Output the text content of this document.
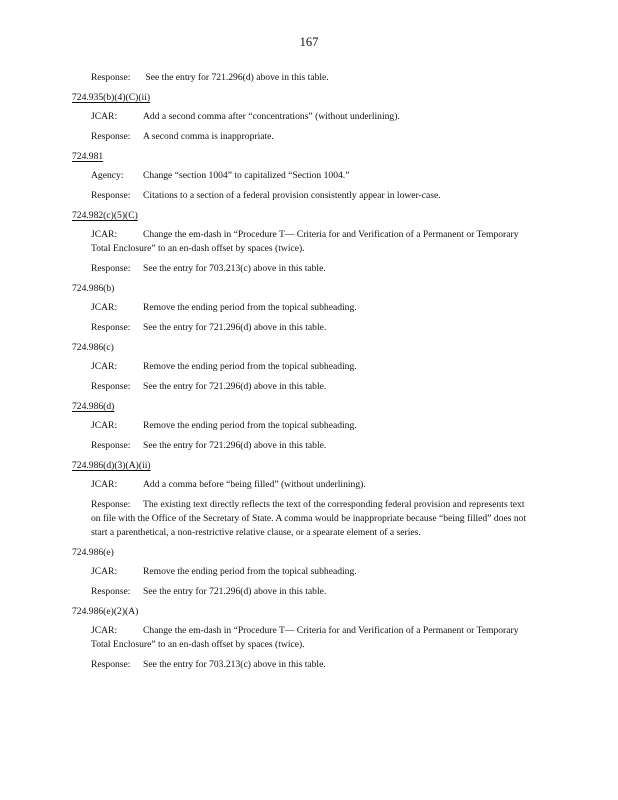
167
Response: See the entry for 721.296(d) above in this table.
724.935(b)(4)(C)(ii)
JCAR:	Add a second comma after “concentrations” (without underlining).
Response: A second comma is inappropriate.
724.981
Agency: Change “section 1004” to capitalized “Section 1004.”
Response: Citations to a section of a federal provision consistently appear in lower-case.
724.982(c)(5)(C)
JCAR:	Change the em-dash in “Procedure T— Criteria for and Verification of a Permanent or Temporary Total Enclosure” to an en-dash offset by spaces (twice).
Response: See the entry for 703.213(c) above in this table.
724.986(b)
JCAR:	Remove the ending period from the topical subheading.
Response: See the entry for 721.296(d) above in this table.
724.986(c)
JCAR:	Remove the ending period from the topical subheading.
Response: See the entry for 721.296(d) above in this table.
724.986(d)
JCAR:	Remove the ending period from the topical subheading.
Response: See the entry for 721.296(d) above in this table.
724.986(d)(3)(A)(ii)
JCAR:	Add a comma before “being filled” (without underlining).
Response: The existing text directly reflects the text of the corresponding federal provision and represents text on file with the Office of the Secretary of State. A comma would be inappropriate because “being filled” does not start a parenthetical, a non-restrictive relative clause, or a spearate element of a series.
724.986(e)
JCAR:	Remove the ending period from the topical subheading.
Response: See the entry for 721.296(d) above in this table.
724.986(e)(2)(A)
JCAR:	Change the em-dash in “Procedure T— Criteria for and Verification of a Permanent or Temporary Total Enclosure” to an en-dash offset by spaces (twice).
Response: See the entry for 703.213(c) above in this table.
